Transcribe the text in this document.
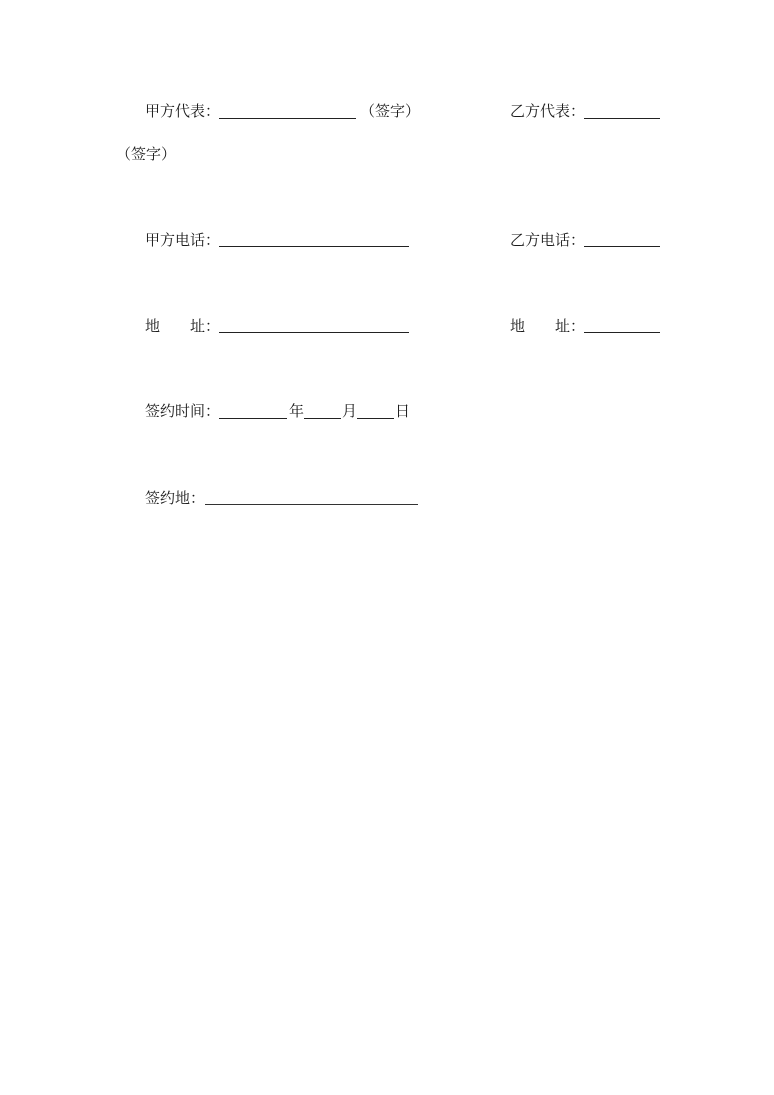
甲方代表：	（签字）	乙方代表：
（签字）
甲方电话：	乙方电话：
地 址：	地 址：
签约时间：	年	月	日
签约地：
